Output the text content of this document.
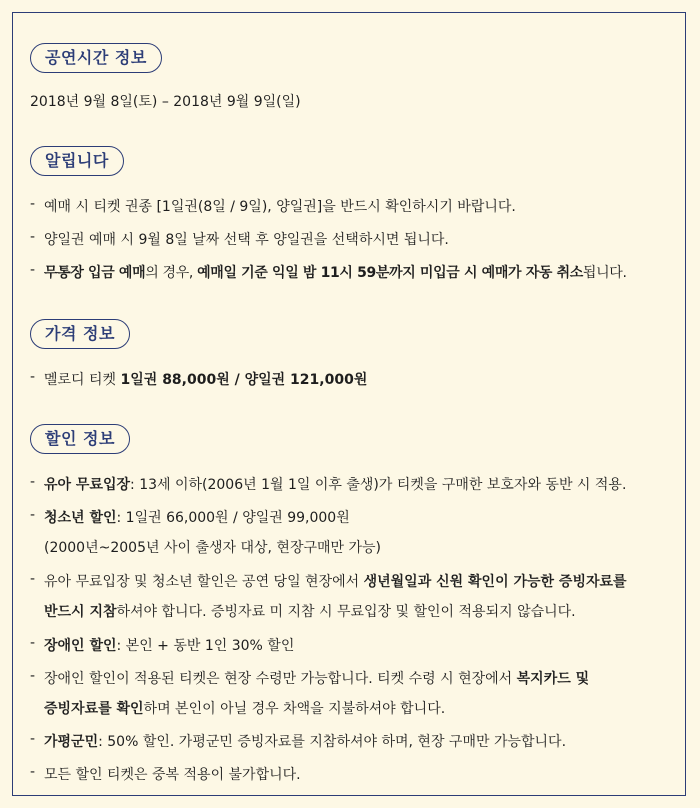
공연시간 정보

2018년 9월 8일(토) – 2018년 9월 9일(일)

알립니다

- 예매 시 티켓 권종 [1일권(8일 / 9일), 양일권]을 반드시 확인하시기 바랍니다.

- 양일권 예매 시 9월 8일 날짜 선택 후 양일권을 선택하시면 됩니다.

- 무통장 입금 예매의 경우, 예매일 기준 익일 밤 11시 59분까지 미입금 시 예매가 자동 취소됩니다.

가격 정보

- 멜로디 티켓 1일권 88,000원 / 양일권 121,000원

할인 정보

- 유아 무료입장: 13세 이하(2006년 1월 1일 이후 출생)가 티켓을 구매한 보호자와 동반 시 적용.

- 청소년 할인: 1일권 66,000원 / 양일권 99,000원

(2000년~2005년 사이 출생자 대상, 현장구매만 가능)

- 유아 무료입장 및 청소년 할인은 공연 당일 현장에서 생년월일과 신원 확인이 가능한 증빙자료를

반드시 지참하셔야 합니다. 증빙자료 미 지참 시 무료입장 및 할인이 적용되지 않습니다.

- 장애인 할인: 본인 + 동반 1인 30% 할인

- 장애인 할인이 적용된 티켓은 현장 수령만 가능합니다. 티켓 수령 시 현장에서 복지카드 및

증빙자료를 확인하며 본인이 아닐 경우 차액을 지불하셔야 합니다.

- 가평군민: 50% 할인. 가평군민 증빙자료를 지참하셔야 하며, 현장 구매만 가능합니다.

- 모든 할인 티켓은 중복 적용이 불가합니다.
